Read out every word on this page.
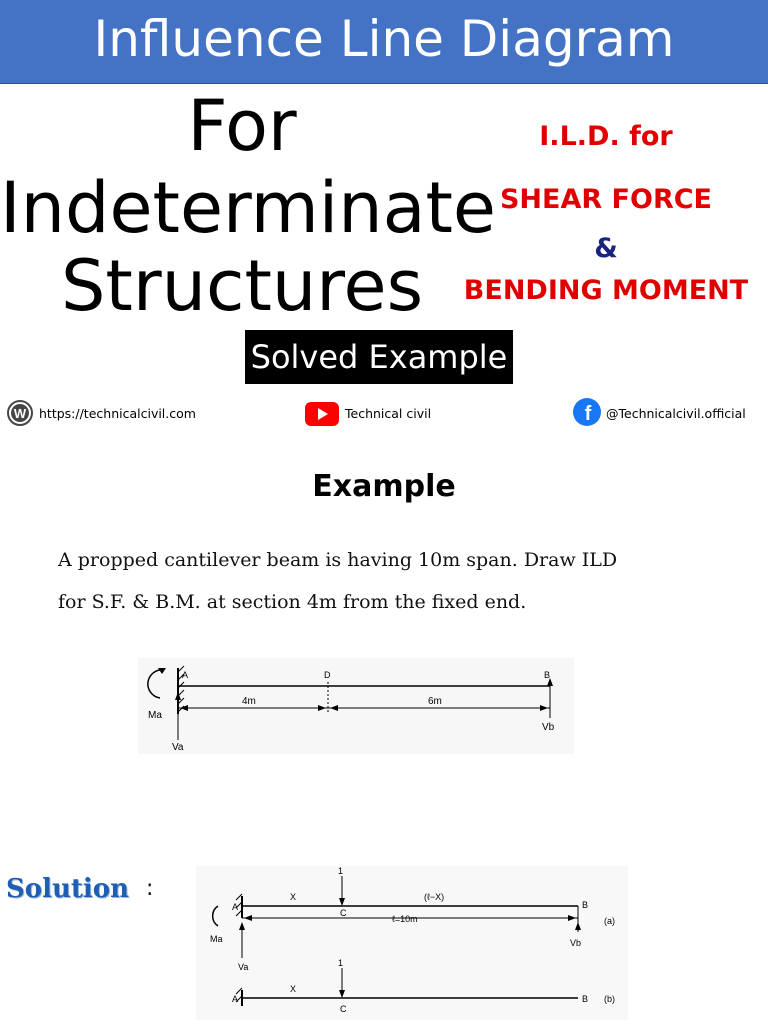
Influence Line Diagram
For
Indeterminate
Structures
Solved Example
I.L.D. for
SHEAR FORCE
&
BENDING MOMENT
W https://technicalcivil.com	Technical civil	f @Technicalcivil.official
Example
A propped cantilever beam is having 10m span. Draw ILD
for S.F. & B.M. at section 4m from the fixed end.
A	D	B
4m	6m
Ma
Va
Vb
Solution :
A
1
C
B
X	(ℓ−X)
ℓ=10m
Ma
Va
Vb
(a)
A
1
C
B
X
(b)
